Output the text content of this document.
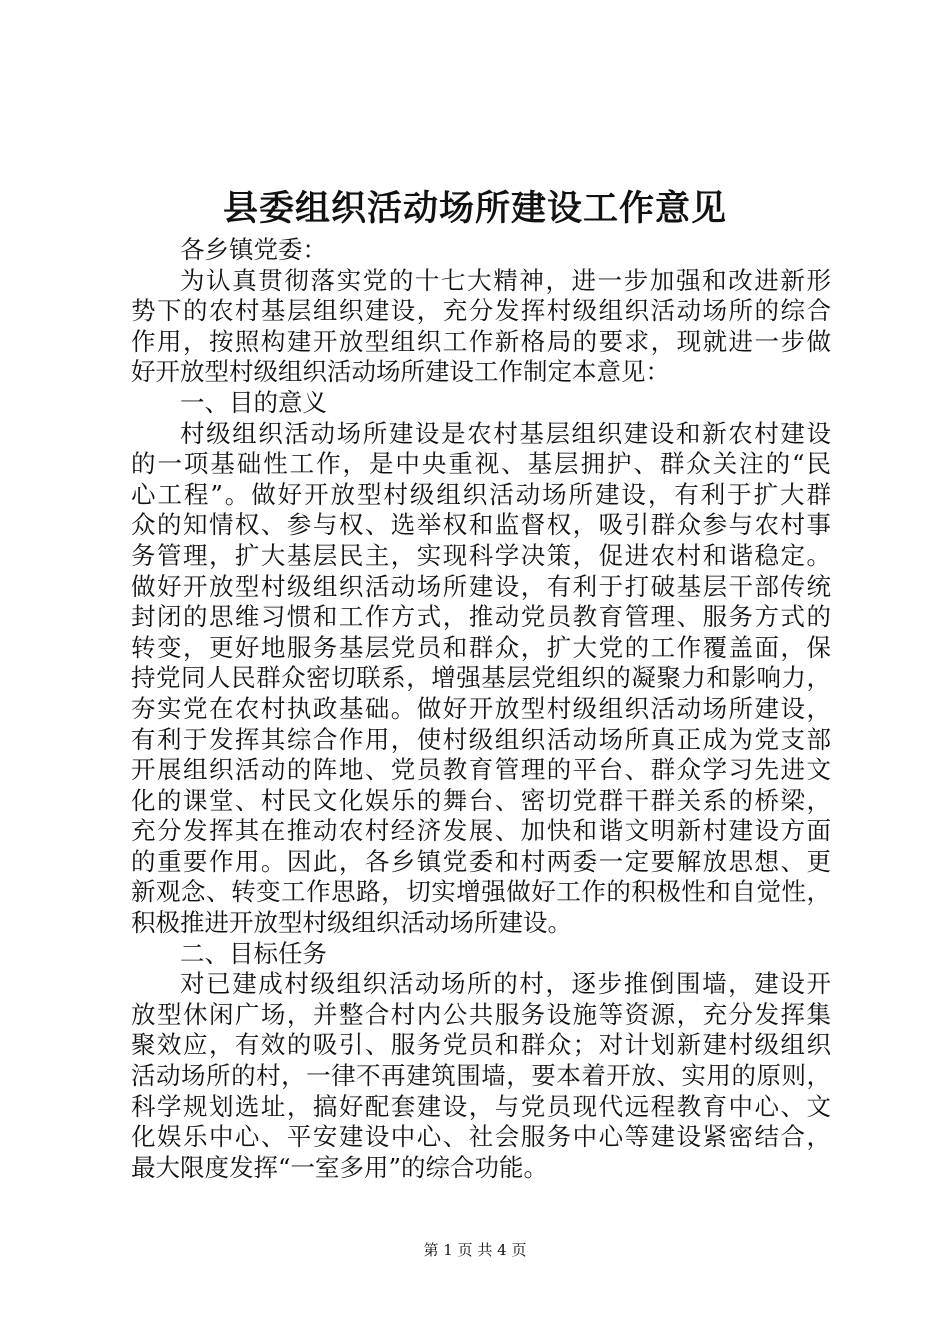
县委组织活动场所建设工作意见
各乡镇党委：
为认真贯彻落实党的十七大精神，进一步加强和改进新形
势下的农村基层组织建设，充分发挥村级组织活动场所的综合
作用，按照构建开放型组织工作新格局的要求，现就进一步做
好开放型村级组织活动场所建设工作制定本意见：
一、目的意义
村级组织活动场所建设是农村基层组织建设和新农村建设
的一项基础性工作，是中央重视、基层拥护、群众关注的“民
心工程”。做好开放型村级组织活动场所建设，有利于扩大群
众的知情权、参与权、选举权和监督权，吸引群众参与农村事
务管理，扩大基层民主，实现科学决策，促进农村和谐稳定。
做好开放型村级组织活动场所建设，有利于打破基层干部传统
封闭的思维习惯和工作方式，推动党员教育管理、服务方式的
转变，更好地服务基层党员和群众，扩大党的工作覆盖面，保
持党同人民群众密切联系，增强基层党组织的凝聚力和影响力，
夯实党在农村执政基础。做好开放型村级组织活动场所建设，
有利于发挥其综合作用，使村级组织活动场所真正成为党支部
开展组织活动的阵地、党员教育管理的平台、群众学习先进文
化的课堂、村民文化娱乐的舞台、密切党群干群关系的桥梁，
充分发挥其在推动农村经济发展、加快和谐文明新村建设方面
的重要作用。因此，各乡镇党委和村两委一定要解放思想、更
新观念、转变工作思路，切实增强做好工作的积极性和自觉性，
积极推进开放型村级组织活动场所建设。
二、目标任务
对已建成村级组织活动场所的村，逐步推倒围墙，建设开
放型休闲广场，并整合村内公共服务设施等资源，充分发挥集
聚效应，有效的吸引、服务党员和群众；对计划新建村级组织
活动场所的村，一律不再建筑围墙，要本着开放、实用的原则，
科学规划选址，搞好配套建设，与党员现代远程教育中心、文
化娱乐中心、平安建设中心、社会服务中心等建设紧密结合，
最大限度发挥“一室多用”的综合功能。
第 1 页 共 4 页
